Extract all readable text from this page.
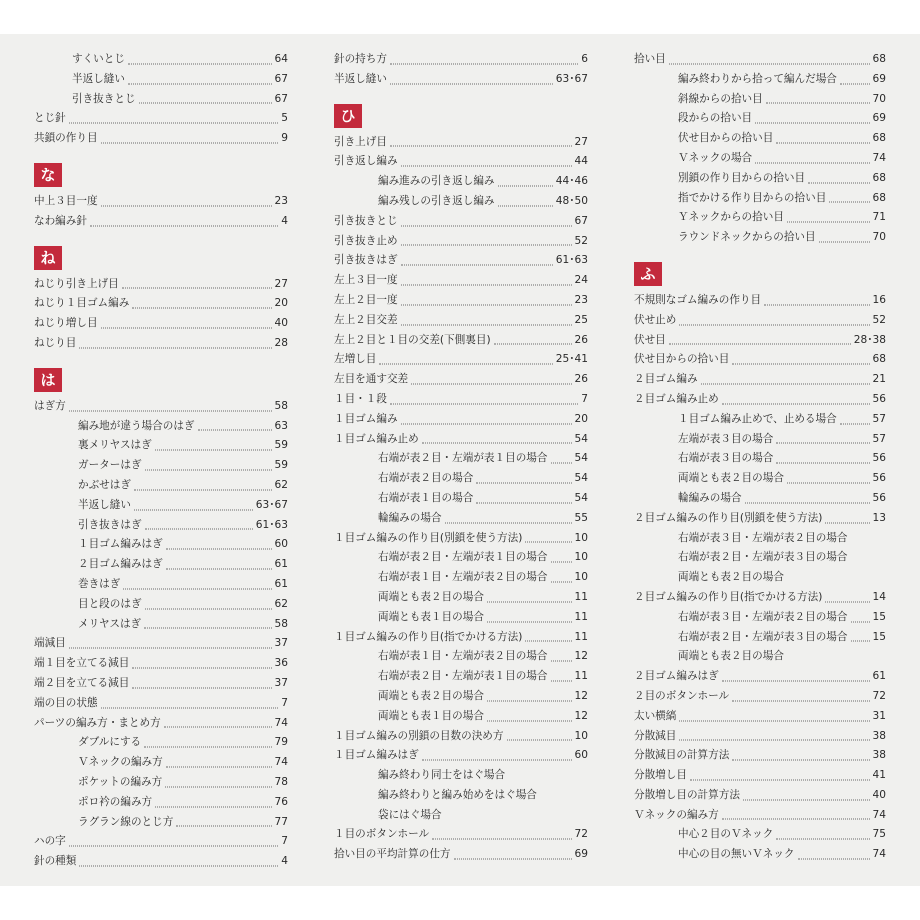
すくいとじ	64
半返し縫い	67
引き抜きとじ	67
とじ針	5
共鎖の作り目	9
な
中上３目一度	23
なわ編み針	4
ね
ねじり引き上げ目	27
ねじり１目ゴム編み	20
ねじり増し目	40
ねじり目	28
は
はぎ方	58
編み地が違う場合のはぎ	63
裏メリヤスはぎ	59
ガーターはぎ	59
かぶせはぎ	62
半返し縫い	63･67
引き抜きはぎ	61･63
１目ゴム編みはぎ	60
２目ゴム編みはぎ	61
巻きはぎ	61
目と段のはぎ	62
メリヤスはぎ	58
端減目	37
端１目を立てる減目	36
端２目を立てる減目	37
端の目の状態	7
パーツの編み方・まとめ方	74
ダブルにする	79
Ｖネックの編み方	74
ポケットの編み方	78
ポロ衿の編み方	76
ラグラン線のとじ方	77
ハの字	7
針の種類	4
針の持ち方	6
半返し縫い	63･67
ひ
引き上げ目	27
引き返し編み	44
編み進みの引き返し編み	44･46
編み残しの引き返し編み	48･50
引き抜きとじ	67
引き抜き止め	52
引き抜きはぎ	61･63
左上３目一度	24
左上２目一度	23
左上２目交差	25
左上２目と１目の交差(下側裏目)	26
左増し目	25･41
左目を通す交差	26
１目・１段	7
１目ゴム編み	20
１目ゴム編み止め	54
右端が表２目・左端が表１目の場合	54
右端が表２目の場合	54
右端が表１目の場合	54
輪編みの場合	55
１目ゴム編みの作り目(別鎖を使う方法)	10
右端が表２目・左端が表１目の場合	10
右端が表１目・左端が表２目の場合	10
両端とも表２目の場合	11
両端とも表１目の場合	11
１目ゴム編みの作り目(指でかける方法)	11
右端が表１目・左端が表２目の場合	12
右端が表２目・左端が表１目の場合	11
両端とも表２目の場合	12
両端とも表１目の場合	12
１目ゴム編みの別鎖の目数の決め方	10
１目ゴム編みはぎ	60
編み終わり同士をはぐ場合
編み終わりと編み始めをはぐ場合
袋にはぐ場合
１目のボタンホール	72
拾い目の平均計算の仕方	69
拾い目	68
編み終わりから拾って編んだ場合	69
斜線からの拾い目	70
段からの拾い目	69
伏せ目からの拾い目	68
Ｖネックの場合	74
別鎖の作り目からの拾い目	68
指でかける作り目からの拾い目	68
Ｙネックからの拾い目	71
ラウンドネックからの拾い目	70
ふ
不規則なゴム編みの作り目	16
伏せ止め	52
伏せ目	28･38
伏せ目からの拾い目	68
２目ゴム編み	21
２目ゴム編み止め	56
１目ゴム編み止めで、止める場合	57
左端が表３目の場合	57
右端が表３目の場合	56
両端とも表２目の場合	56
輪編みの場合	56
２目ゴム編みの作り目(別鎖を使う方法)	13
右端が表３目・左端が表２目の場合
右端が表２目・左端が表３目の場合
両端とも表２目の場合
２目ゴム編みの作り目(指でかける方法)	14
右端が表３目・左端が表２目の場合 15
右端が表２目・左端が表３目の場合 15
両端とも表２目の場合
２目ゴム編みはぎ	61
２目のボタンホール	72
太い横縞	31
分散減目	38
分散減目の計算方法	38
分散増し目	41
分散増し目の計算方法	40
Ｖネックの編み方	74
中心２目のＶネック	75
中心の目の無いＶネック	74
